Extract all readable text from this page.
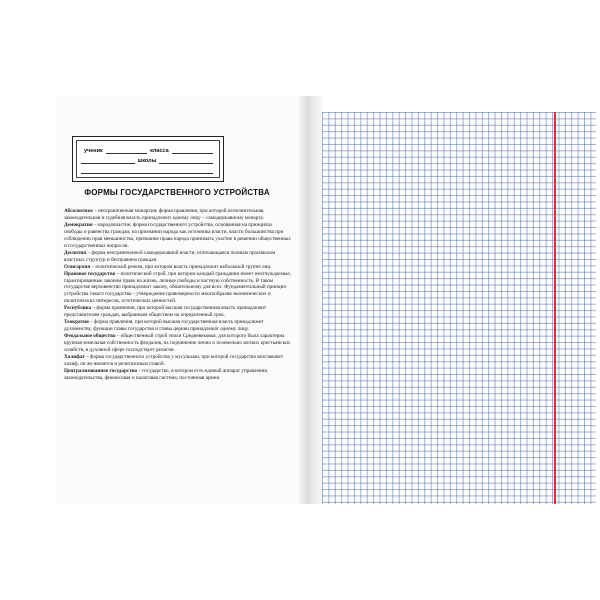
ученик	класса
школы
ФОРМЫ ГОСУДАРСТВЕННОГО УСТРОЙСТВА

Абсолютизм – неограниченная монархия; форма правления, при которой исполнительная, законодательная и судебная власть принадлежит одному лицу – самодержавному монарху.

Демократия – народовластие; форма государственного устройства, основанная на принципах свободы и равенства граждан, на признании народа как источника власти, власти большинства при соблюдении прав меньшинства, признание права народа принимать участие в решении общественных и государственных вопросов.

Деспотия – форма неограниченной самодержавной власти, отличающаяся полным произволом властных структур и бесправием граждан.

Олигархия – политический режим, при котором власть принадлежит небольшой группе лиц.

Правовое государство – политический строй, при котором каждый гражданин имеет неотчуждаемые, гарантированные законом право на жизнь, личные свободы и частную собственность. В таком государстве верховенство принадлежит закону, обязательному для всех. Фундаментальный принцип устройства такого государства – утверждение правомерности многообразия экономических и политических интересов, эстетических ценностей.

Республика – форма правления, при которой высшая государственная власть принадлежит представителям граждан, выбранным обществом на определенный срок.

Теократия – форма правления, при которой высшая государственная власть принадлежит духовенству, функции главы государства и главы церкви принадлежат одному лицу.

Феодальное общество – общественный строй эпохи Средневековья, для которого была характерна крупная земельная собственность феодалов, их подчинение лично и поземельно мелких крестьянских хозяйств, в духовной сфере господствует религия.

Халифат – форма государственного устройства у мусульман, при которой государство возглавляет халиф, он же является и религиозным главой.

Централизованное государство – государство, в котором есть единый аппарат управления, законодательства, финансовая и налоговая система, постоянная армия.
